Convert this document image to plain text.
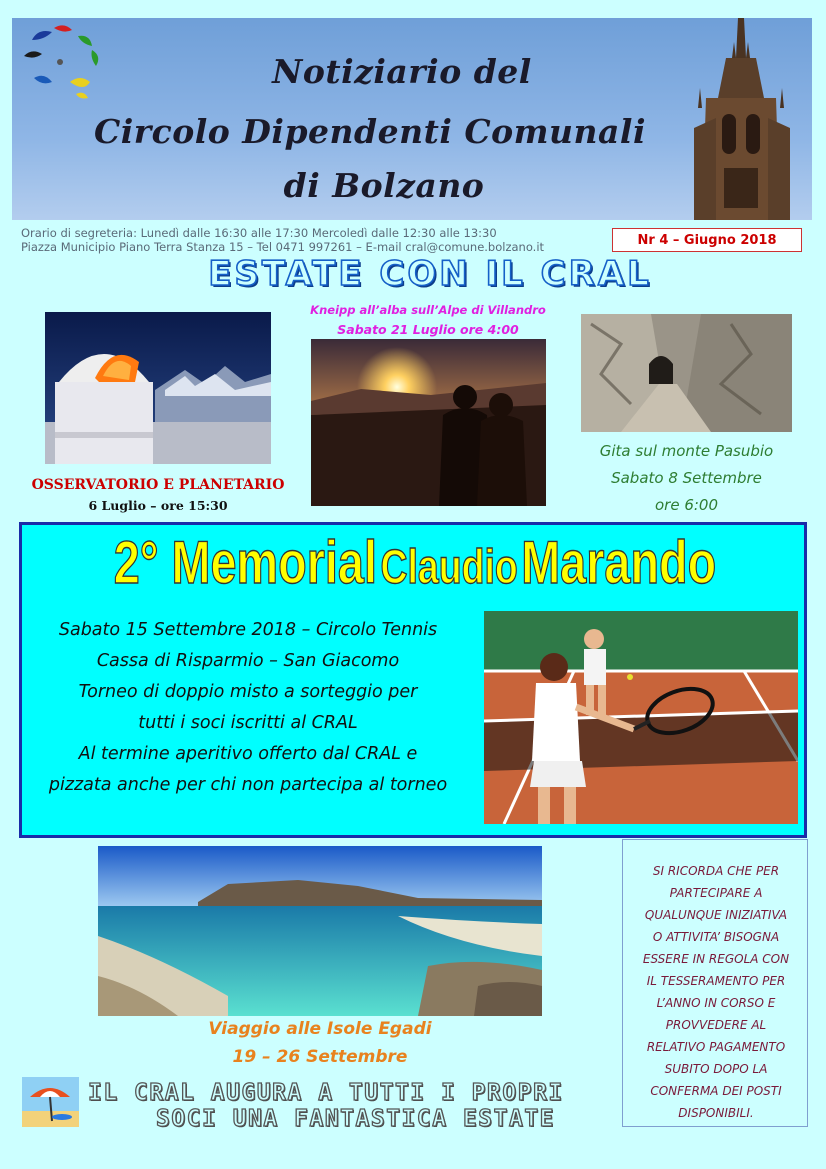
Notiziario del
Circolo Dipendenti Comunali
di Bolzano
Orario di segreteria: Lunedì dalle 16:30 alle 17:30 Mercoledì dalle 12:30 alle 13:30
Piazza Municipio Piano Terra Stanza 15 – Tel 0471 997261 – E-mail cral@comune.bolzano.it	Nr 4 – Giugno 2018
ESTATE CON IL CRAL
OSSERVATORIO E PLANETARIO
6 Luglio – ore 15:30
Kneipp all’alba sull’Alpe di Villandro
Sabato 21 Luglio ore 4:00
Gita sul monte Pasubio
Sabato 8 Settembre
ore 6:00
2° Memorial Claudio Marando
Sabato 15 Settembre 2018 – Circolo Tennis
Cassa di Risparmio – San Giacomo
Torneo di doppio misto a sorteggio per
tutti i soci iscritti al CRAL
Al termine aperitivo offerto dal CRAL e
pizzata anche per chi non partecipa al torneo
Viaggio alle Isole Egadi
19 – 26 Settembre
SI RICORDA CHE PER
PARTECIPARE A
QUALUNQUE INIZIATIVA
O ATTIVITA’ BISOGNA
ESSERE IN REGOLA CON
IL TESSERAMENTO PER
L’ANNO IN CORSO E
PROVVEDERE AL
RELATIVO PAGAMENTO
SUBITO DOPO LA
CONFERMA DEI POSTI
DISPONIBILI.
IL CRAL AUGURA A TUTTI I PROPRI
SOCI UNA FANTASTICA ESTATE
